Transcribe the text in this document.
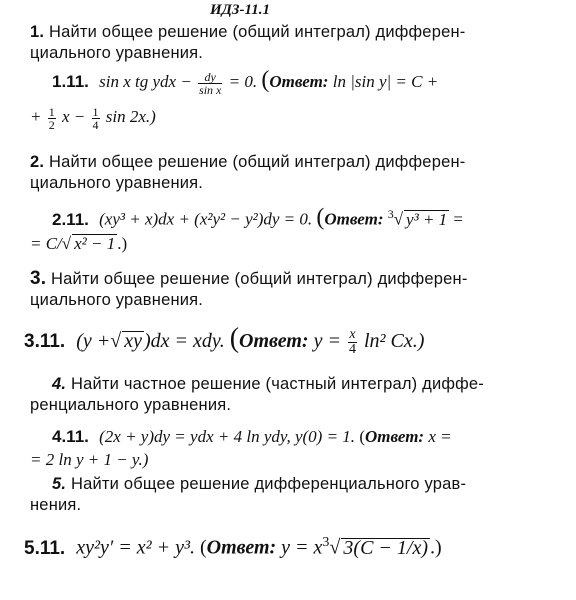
ИДЗ-11.1

1. Найти общее решение (общий интеграл) дифферен-
циального уравнения.

1.11. sin x tg ydx − $\frac{dy}{\text{sin x}} = 0$. (Ответ: ln |sin y| = C +

+ $\frac{1}{2}$ $x - \frac{1}{4}$ sin 2x.)

2. Найти общее решение (общий интеграл) дифферен-
циального уравнения.

2.11. (xy³ + x)dx + (x²y² − y²)dy = 0. (Ответ: $^3$√ y³ + 1 =

= C/√ x² − 1 .)

3. Найти общее решение (общий интеграл) дифферен-
циального уравнения.

3.11. (y +√ xy )dx = xdy. (Ответ: $y = \frac{x}{4} \ln^2$ Cx.)

4. Найти частное решение (частный интеграл) диффе-
ренциального уравнения.

4.11. (2x + y)dy = ydx + 4 ln ydy, y(0) = 1. (Ответ: x =

= 2 ln y + 1 − y.)

5. Найти общее решение дифференциального урав-
нения.

5.11. xy²y′ = x² + y³. (Ответ: $y = x^3√$ 3(C − 1/x) .)
